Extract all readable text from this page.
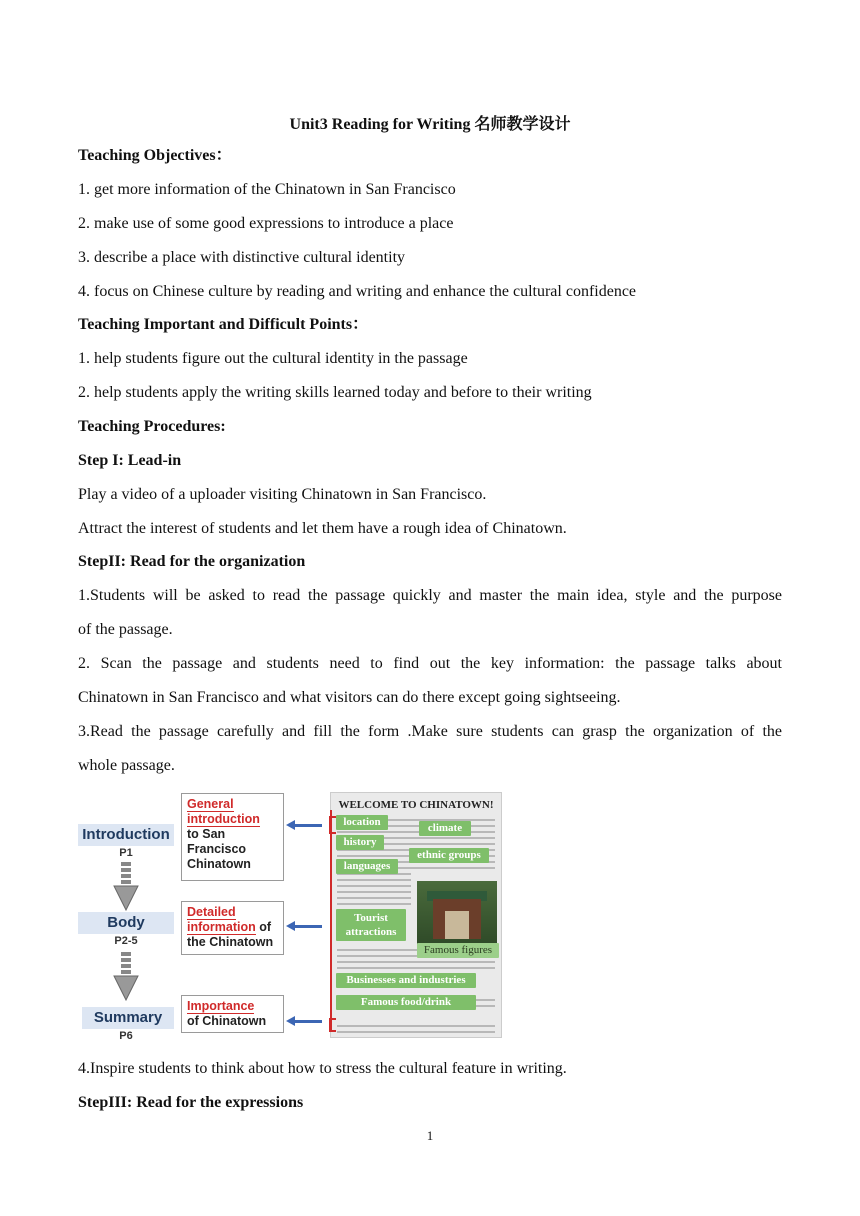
Unit3 Reading for Writing 名师教学设计
Teaching Objectives：
1. get more information of the Chinatown in San Francisco
2. make use of some good expressions to introduce a place
3. describe a place with distinctive cultural identity
4. focus on Chinese culture by reading and writing and enhance the cultural confidence
Teaching Important and Difficult Points：
1. help students figure out the cultural identity in the passage
2. help students apply the writing skills learned today and before to their writing
Teaching Procedures:
Step I: Lead-in
Play a video of a uploader visiting Chinatown in San Francisco.
Attract the interest of students and let them have a rough idea of Chinatown.
StepII: Read for the organization
1.Students will be asked to read the passage quickly and master the main idea, style and the purpose
of the passage.
2. Scan the passage and students need to find out the key information: the passage talks about
Chinatown in San Francisco and what visitors can do there except going sightseeing.
3.Read the passage carefully and fill the form .Make sure students can grasp the organization of the
whole passage.
Introduction
P1
Body
P2-5
Summary
P6
General
introduction
to San Francisco Chinatown
Detailed
information of
the Chinatown
Importance
of Chinatown
WELCOME TO CHINATOWN!
location	climate
history
ethnic groups
languages
Tourist
attractions
Famous figures
Businesses and industries
Famous food/drink
4.Inspire students to think about how to stress the cultural feature in writing.
StepIII: Read for the expressions
1
